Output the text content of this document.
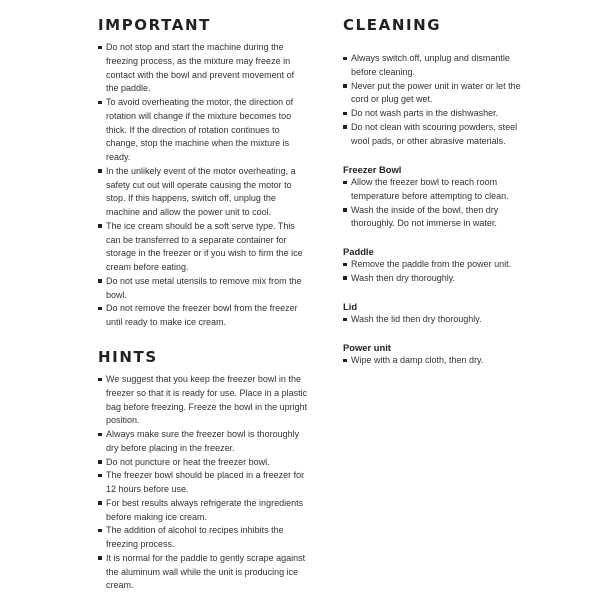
IMPORTANT
Do not stop and start the machine during the freezing process, as the mixture may freeze in contact with the bowl and prevent movement of the paddle.
To avoid overheating the motor, the direction of rotation will change if the mixture becomes too thick. If the direction of rotation continues to change, stop the machine when the mixture is ready.
In the unlikely event of the motor overheating, a safety cut out will operate causing the motor to stop. If this happens, switch off, unplug the machine and allow the power unit to cool.
The ice cream should be a soft serve type. This can be transferred to a separate container for storage in the freezer or if you wish to firm the ice cream before eating.
Do not use metal utensils to remove mix from the bowl.
Do not remove the freezer bowl from the freezer until ready to make ice cream.
HINTS
We suggest that you keep the freezer bowl in the freezer so that it is ready for use. Place in a plastic bag before freezing. Freeze the bowl in the upright position.
Always make sure the freezer bowl is thoroughly dry before placing in the freezer.
Do not puncture or heat the freezer bowl.
The freezer bowl should be placed in a freezer for 12 hours before use.
For best results always refrigerate the ingredients before making ice cream.
The addition of alcohol to recipes inhibits the freezing process.
It is normal for the paddle to gently scrape against the aluminum wall while the unit is producing ice cream.
CLEANING
Always switch off, unplug and dismantle before cleaning.
Never put the power unit in water or let the cord or plug get wet.
Do not wash parts in the dishwasher.
Do not clean with scouring powders, steel wool pads, or other abrasive materials.
Freezer Bowl
Allow the freezer bowl to reach room temperature before attempting to clean.
Wash the inside of the bowl, then dry thoroughly. Do not immerse in water.
Paddle
Remove the paddle from the power unit.
Wash then dry thoroughly.
Lid
Wash the lid then dry thoroughly.
Power unit
Wipe with a damp cloth, then dry.
